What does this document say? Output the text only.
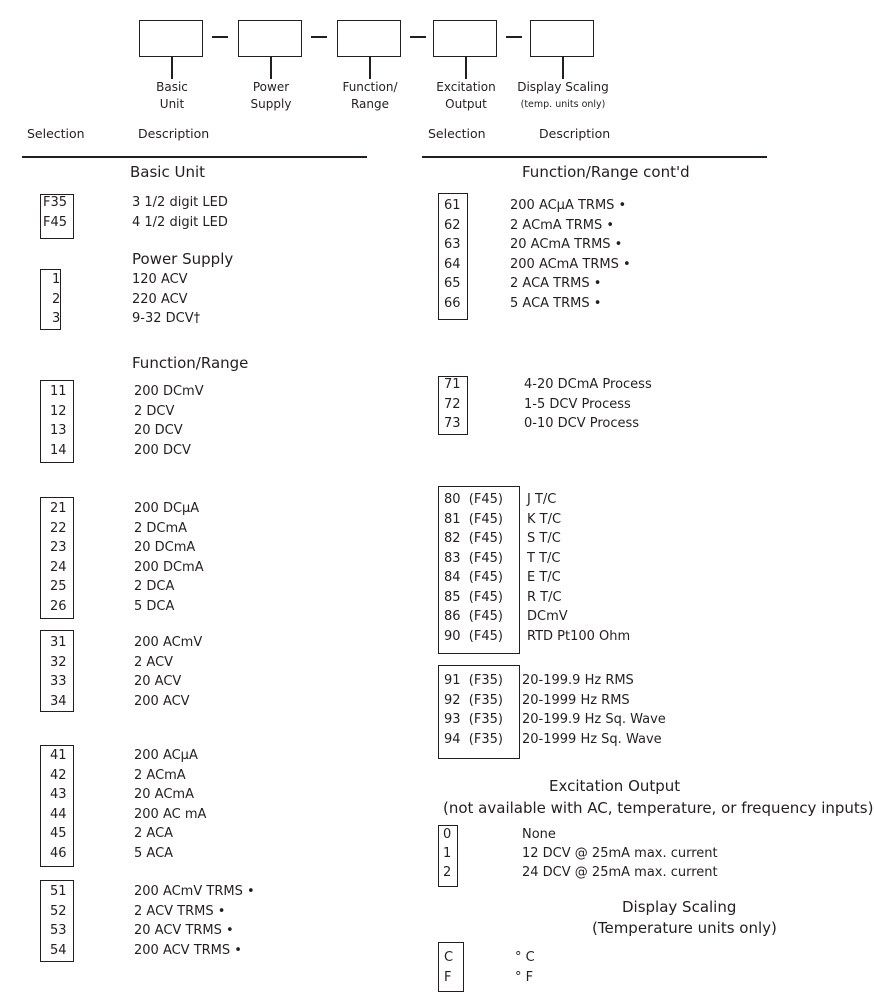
Basic
Unit
Power
Supply
Function/
Range
Excitation
Output
Display Scaling
(temp. units only)
Selection	Description	Selection	Description
Basic Unit
Power Supply
Function/Range
Function/Range cont'd
Excitation Output
(not available with AC, temperature, or frequency inputs)
Display Scaling
(Temperature units only)
F35	3 1/2 digit LED
F45	4 1/2 digit LED
1	120 ACV
2	220 ACV
3	9-32 DCV†
11	200 DCmV
12	2 DCV
13	20 DCV
14	200 DCV
21	200 DCµA
22	2 DCmA
23	20 DCmA
24	200 DCmA
25	2 DCA
26	5 DCA
31	200 ACmV
32	2 ACV
33	20 ACV
34	200 ACV
41	200 ACµA
42	2 ACmA
43	20 ACmA
44	200 AC mA
45	2 ACA
46	5 ACA
51	200 ACmV TRMS •
52	2 ACV TRMS •
53	20 ACV TRMS •
54	200 ACV TRMS •
61	200 ACµA TRMS •
62	2 ACmA TRMS •
63	20 ACmA TRMS •
64	200 ACmA TRMS •
65	2 ACA TRMS •
66	5 ACA TRMS •
71	4-20 DCmA Process
72	1-5 DCV Process
73	0-10 DCV Process
80  (F45) J T/C
81  (F45) K T/C
82  (F45) S T/C
83  (F45) T T/C
84  (F45) E T/C
85  (F45) R T/C
86  (F45) DCmV
90  (F45) RTD Pt100 Ohm
91  (F35) 20-199.9 Hz RMS
92  (F35) 20-1999 Hz RMS
93  (F35) 20-199.9 Hz Sq. Wave
94  (F35) 20-1999 Hz Sq. Wave
0	None
1	12 DCV @ 25mA max. current
2	24 DCV @ 25mA max. current
C	° C
F	° F
